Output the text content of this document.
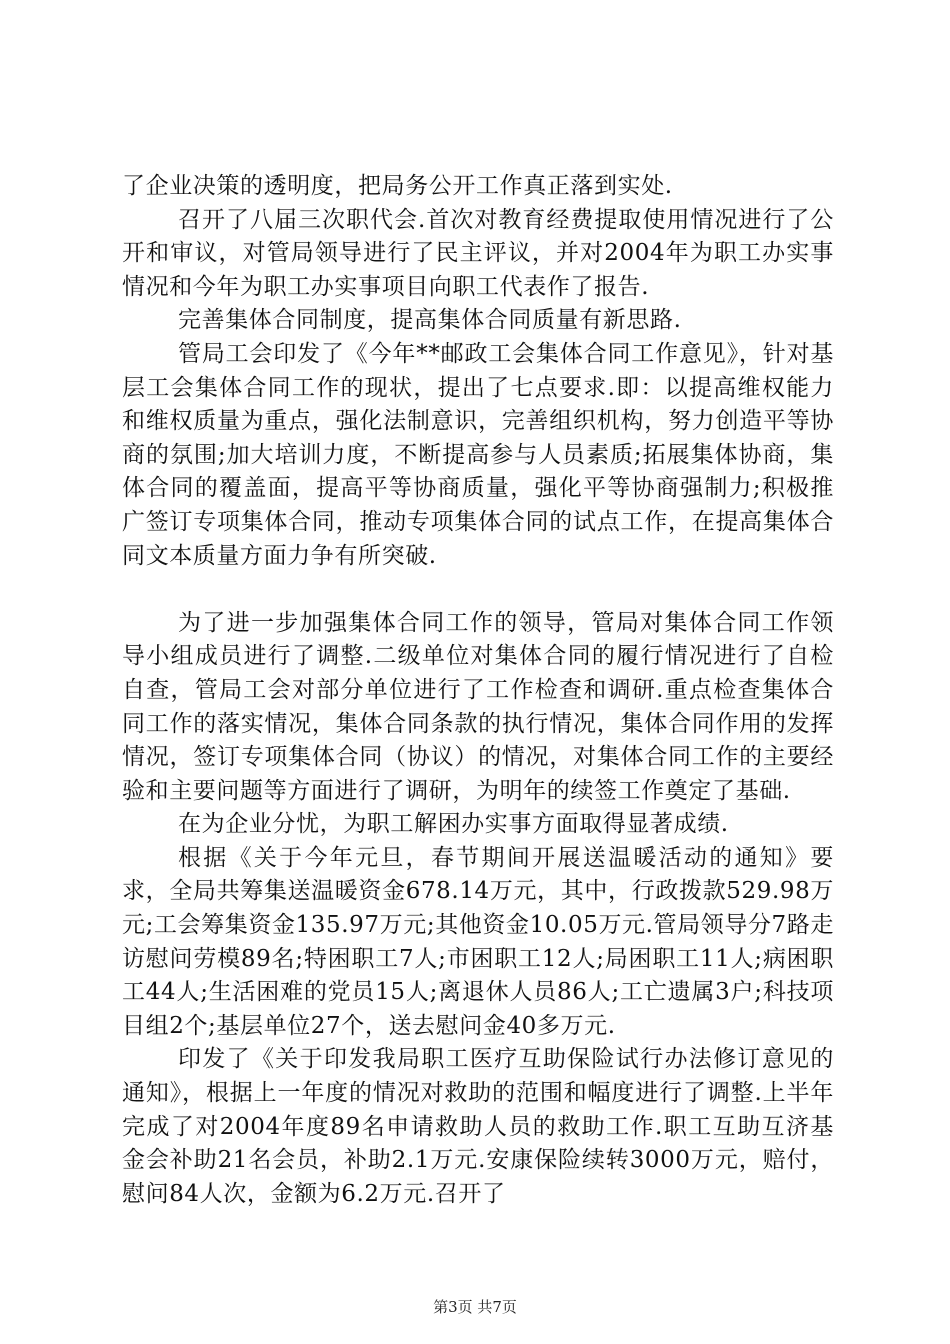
了企业决策的透明度，把局务公开工作真正落到实处.

召开了八届三次职代会.首次对教育经费提取使用情况进行了公开和审议，对管局领导进行了民主评议，并对2004年为职工办实事情况和今年为职工办实事项目向职工代表作了报告.

完善集体合同制度，提高集体合同质量有新思路.

管局工会印发了《今年**邮政工会集体合同工作意见》，针对基层工会集体合同工作的现状，提出了七点要求.即：以提高维权能力和维权质量为重点，强化法制意识，完善组织机构，努力创造平等协商的氛围;加大培训力度，不断提高参与人员素质;拓展集体协商，集体合同的覆盖面，提高平等协商质量，强化平等协商强制力;积极推广签订专项集体合同，推动专项集体合同的试点工作，在提高集体合同文本质量方面力争有所突破.

为了进一步加强集体合同工作的领导，管局对集体合同工作领导小组成员进行了调整.二级单位对集体合同的履行情况进行了自检自查，管局工会对部分单位进行了工作检查和调研.重点检查集体合同工作的落实情况，集体合同条款的执行情况，集体合同作用的发挥情况，签订专项集体合同（协议）的情况，对集体合同工作的主要经验和主要问题等方面进行了调研，为明年的续签工作奠定了基础.

在为企业分忧，为职工解困办实事方面取得显著成绩.

根据《关于今年元旦，春节期间开展送温暖活动的通知》要求，全局共筹集送温暖资金678.14万元，其中，行政拨款529.98万元;工会筹集资金135.97万元;其他资金10.05万元.管局领导分7路走访慰问劳模89名;特困职工7人;市困职工12人;局困职工11人;病困职工44人;生活困难的党员15人;离退休人员86人;工亡遗属3户;科技项目组2个;基层单位27个，送去慰问金40多万元.

印发了《关于印发我局职工医疗互助保险试行办法修订意见的通知》，根据上一年度的情况对救助的范围和幅度进行了调整.上半年完成了对2004年度89名申请救助人员的救助工作.职工互助互济基金会补助21名会员，补助2.1万元.安康保险续转3000万元，赔付，慰问84人次，金额为6.2万元.召开了

第3页 共7页
